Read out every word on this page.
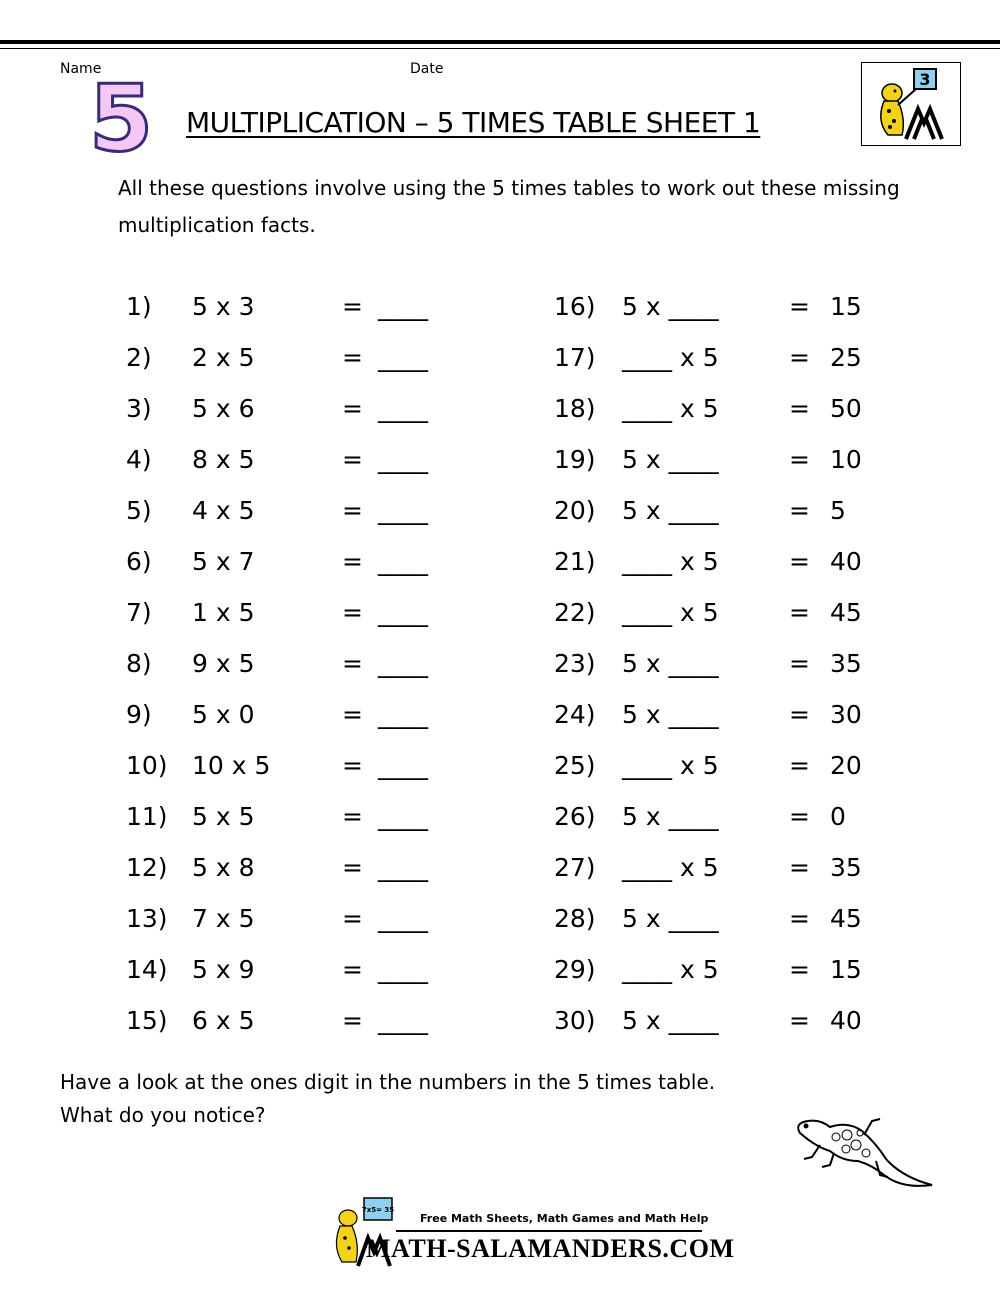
Name	Date
5 MULTIPLICATION – 5 TIMES TABLE SHEET 1
3
All these questions involve using the 5 times tables to work out these missing multiplication facts.
1) 5 x 3	= ____
2) 2 x 5	= ____
3) 5 x 6	= ____
4) 8 x 5	= ____
5) 4 x 5	= ____
6) 5 x 7	= ____
7) 1 x 5	= ____
8) 9 x 5	= ____
9) 5 x 0	= ____
10) 10 x 5	= ____
11) 5 x 5	= ____
12) 5 x 8	= ____
13) 7 x 5	= ____
14) 5 x 9	= ____
15) 6 x 5	= ____
16) 5 x ____	= 15
17) ____ x 5	= 25
18) ____ x 5	= 50
19) 5 x ____	= 10
20) 5 x ____	= 5
21) ____ x 5	= 40
22) ____ x 5	= 45
23) 5 x ____	= 35
24) 5 x ____	= 30
25) ____ x 5	= 20
26) 5 x ____	= 0
27) ____ x 5	= 35
28) 5 x ____	= 45
29) ____ x 5	= 15
30) 5 x ____	= 40
Have a look at the ones digit in the numbers in the 5 times table.
What do you notice?
7x5= 35
Free Math Sheets, Math Games and Math Help
MATH-SALAMANDERS.COM
